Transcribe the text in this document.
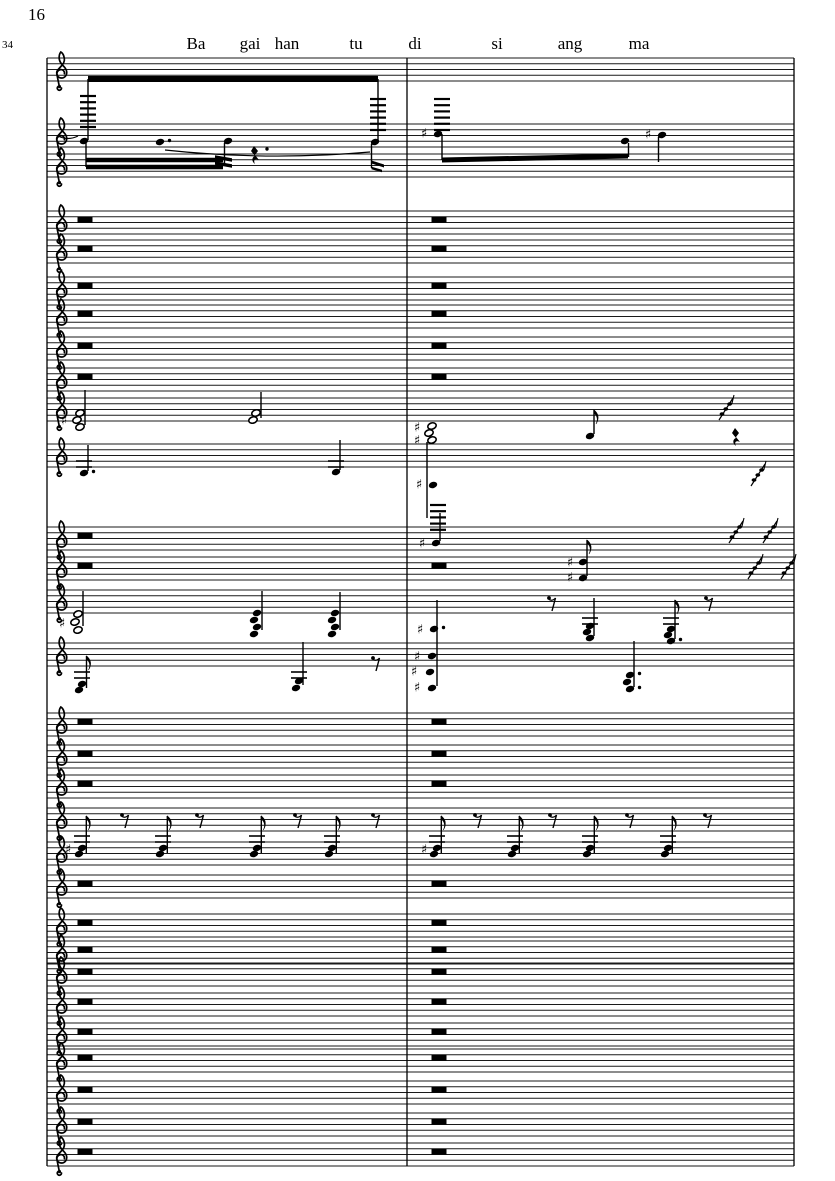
16
34	Ba gai han	tu	di	si	ang	ma
♯	♯
♯	♯
♯
♯
♯
♯
♯
♯	♯
♯
♯
♯
♯	♯
